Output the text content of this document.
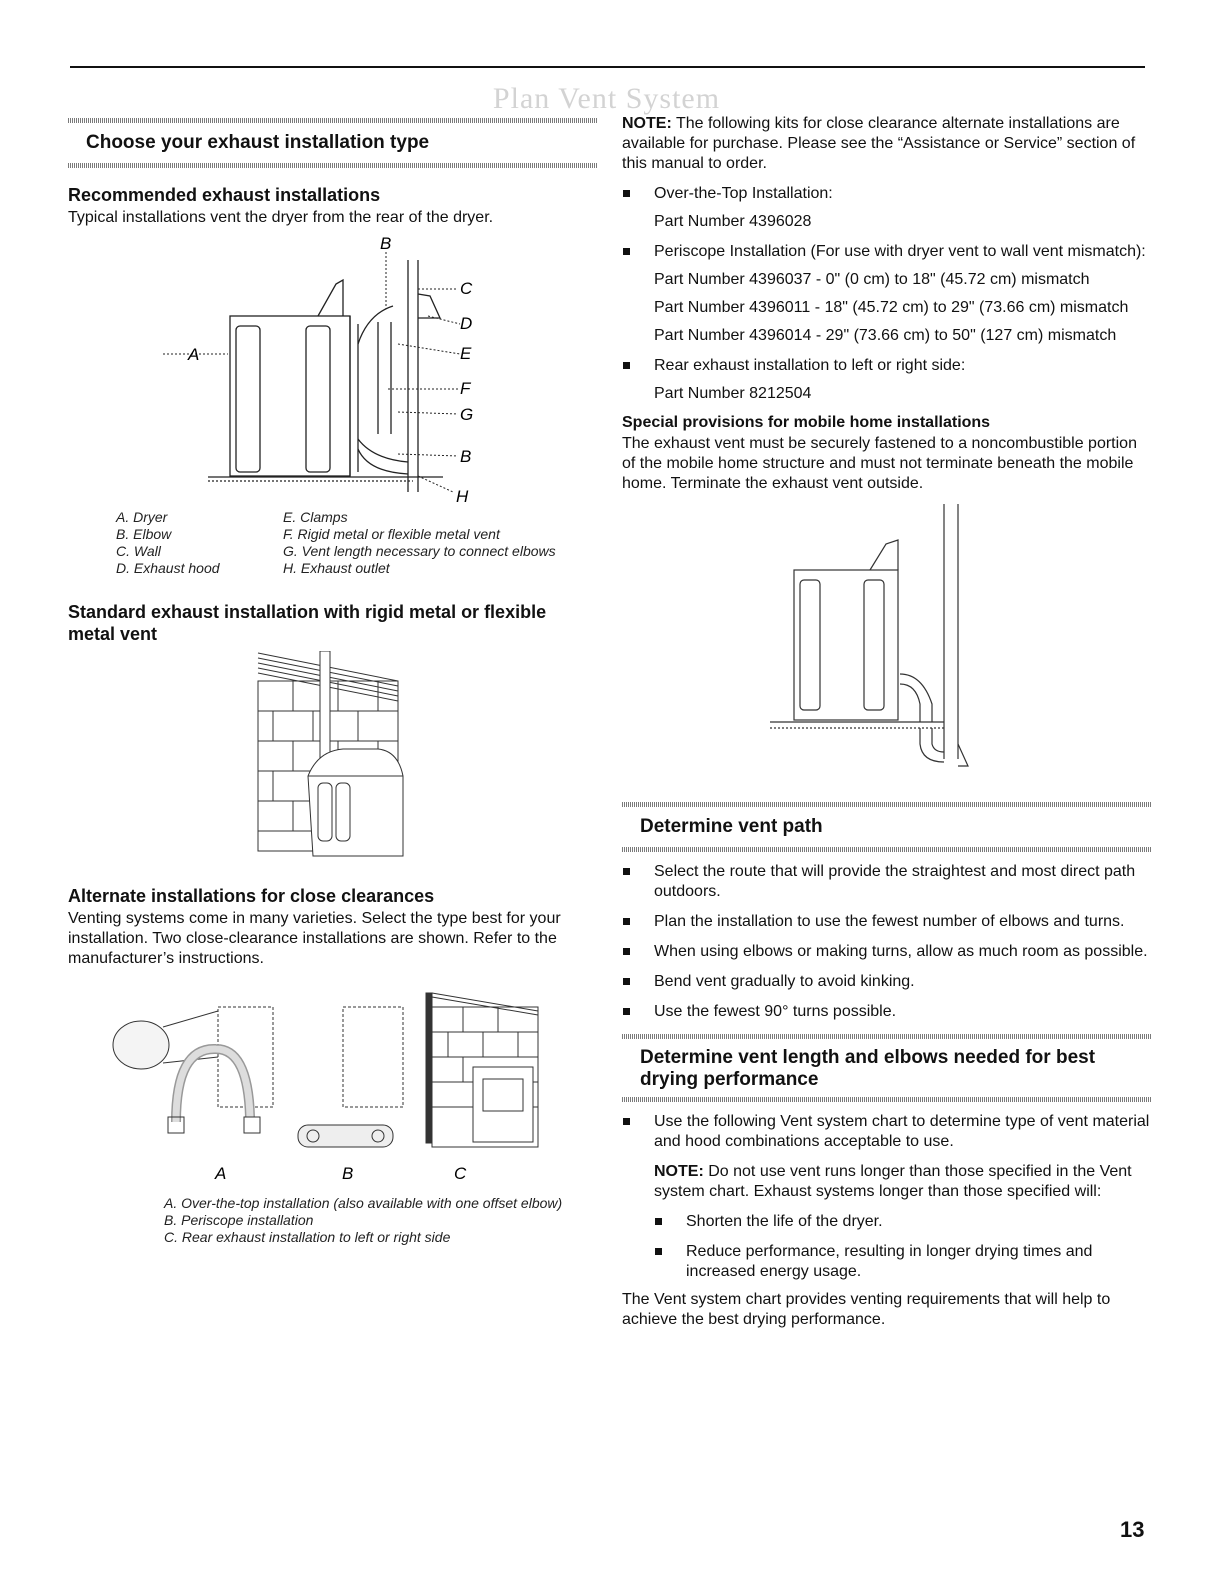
Plan Vent System
Choose your exhaust installation type
Recommended exhaust installations

Typical installations vent the dryer from the rear of the dryer.

B
C
D
E
F
G
B
H
A
A. Dryer
B. Elbow
C. Wall
D. Exhaust hood
E. Clamps
F. Rigid metal or flexible metal vent
G. Vent length necessary to connect elbows
H. Exhaust outlet
Standard exhaust installation with rigid metal or flexible metal vent
Alternate installations for close clearances

Venting systems come in many varieties. Select the type best for your installation. Two close-clearance installations are shown. Refer to the manufacturer’s instructions.

A	B	C
A. Over-the-top installation (also available with one offset elbow)
B. Periscope installation
C. Rear exhaust installation to left or right side

NOTE: The following kits for close clearance alternate installations are available for purchase. Please see the “Assistance or Service” section of this manual to order.

Over-the-Top Installation:
Part Number 4396028
Periscope Installation (For use with dryer vent to wall vent mismatch):
Part Number 4396037 - 0" (0 cm) to 18" (45.72 cm) mismatch
Part Number 4396011 - 18" (45.72 cm) to 29" (73.66 cm) mismatch
Part Number 4396014 - 29" (73.66 cm) to 50" (127 cm) mismatch
Rear exhaust installation to left or right side:
Part Number 8212504
Special provisions for mobile home installations

The exhaust vent must be securely fastened to a noncombustible portion of the mobile home structure and must not terminate beneath the mobile home. Terminate the exhaust vent outside.

Determine vent path
Select the route that will provide the straightest and most direct path outdoors.
Plan the installation to use the fewest number of elbows and turns.
When using elbows or making turns, allow as much room as possible.
Bend vent gradually to avoid kinking.
Use the fewest 90° turns possible.
Determine vent length and elbows needed for best drying performance
Use the following Vent system chart to determine type of vent material and hood combinations acceptable to use.

NOTE: Do not use vent runs longer than those specified in the Vent system chart. Exhaust systems longer than those specified will:

Shorten the life of the dryer.
Reduce performance, resulting in longer drying times and increased energy usage.

The Vent system chart provides venting requirements that will help to achieve the best drying performance.

13
